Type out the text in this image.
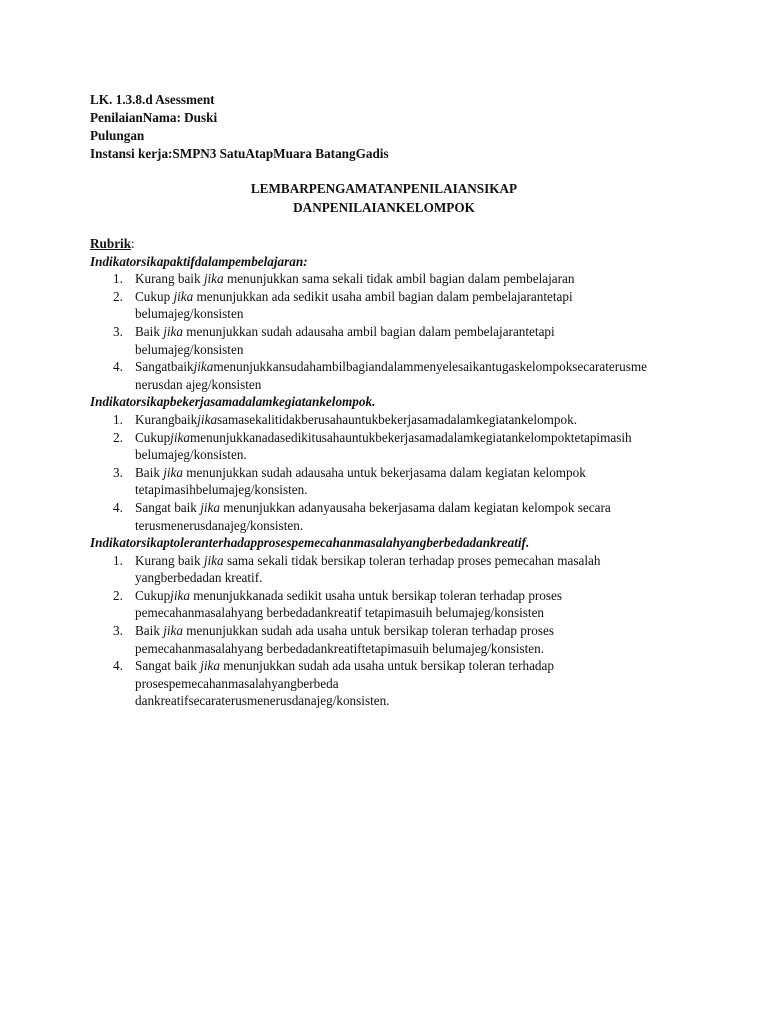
LK. 1.3.8.d Asessment
PenilaianNama: Duski
Pulungan
Instansi kerja:SMPN3 SatuAtapMuara BatangGadis
LEMBARPENGAMATANPENILAIANSIKAP
DANPENILAIANKELOMPOK

Rubrik:

Indikatorsikapaktifdalampembelajaran:

1. Kurang baik jika menunjukkan sama sekali tidak ambil bagian dalam pembelajaran
2. Cukup jika menunjukkan ada sedikit usaha ambil bagian dalam pembelajarantetapi
belumajeg/konsisten
3. Baik jika menunjukkan sudah adausaha ambil bagian dalam pembelajarantetapi
belumajeg/konsisten
4. Sangatbaikjikamenunjukkansudahambilbagiandalammenyelesaikantugaskelompoksecaraterusme
nerusdan ajeg/konsisten

Indikatorsikapbekerjasamadalamkegiatankelompok.

1. Kurangbaikjikasamasekalitidakberusahauntukbekerjasamadalamkegiatankelompok.
2. Cukupjikamenunjukkanadasedikitusahauntukbekerjasamadalamkegiatankelompoktetapimasih
belumajeg/konsisten.
3. Baik jika menunjukkan sudah adausaha untuk bekerjasama dalam kegiatan kelompok
tetapimasihbelumajeg/konsisten.
4. Sangat baik jika menunjukkan adanyausaha bekerjasama dalam kegiatan kelompok secara
terusmenerusdanajeg/konsisten.

Indikatorsikaptoleranterhadapprosespemecahanmasalahyangberbedadankreatif.

1. Kurang baik jika sama sekali tidak bersikap toleran terhadap proses pemecahan masalah
yangberbedadan kreatif.
2. Cukupjika menunjukkanada sedikit usaha untuk bersikap toleran terhadap proses
pemecahanmasalahyang berbedadankreatif tetapimasuih belumajeg/konsisten
3. Baik jika menunjukkan sudah ada usaha untuk bersikap toleran terhadap proses
pemecahanmasalahyang berbedadankreatiftetapimasuih belumajeg/konsisten.
4. Sangat baik jika menunjukkan sudah ada usaha untuk bersikap toleran terhadap
prosespemecahanmasalahyangberbeda
dankreatifsecaraterusmenerusdanajeg/konsisten.
